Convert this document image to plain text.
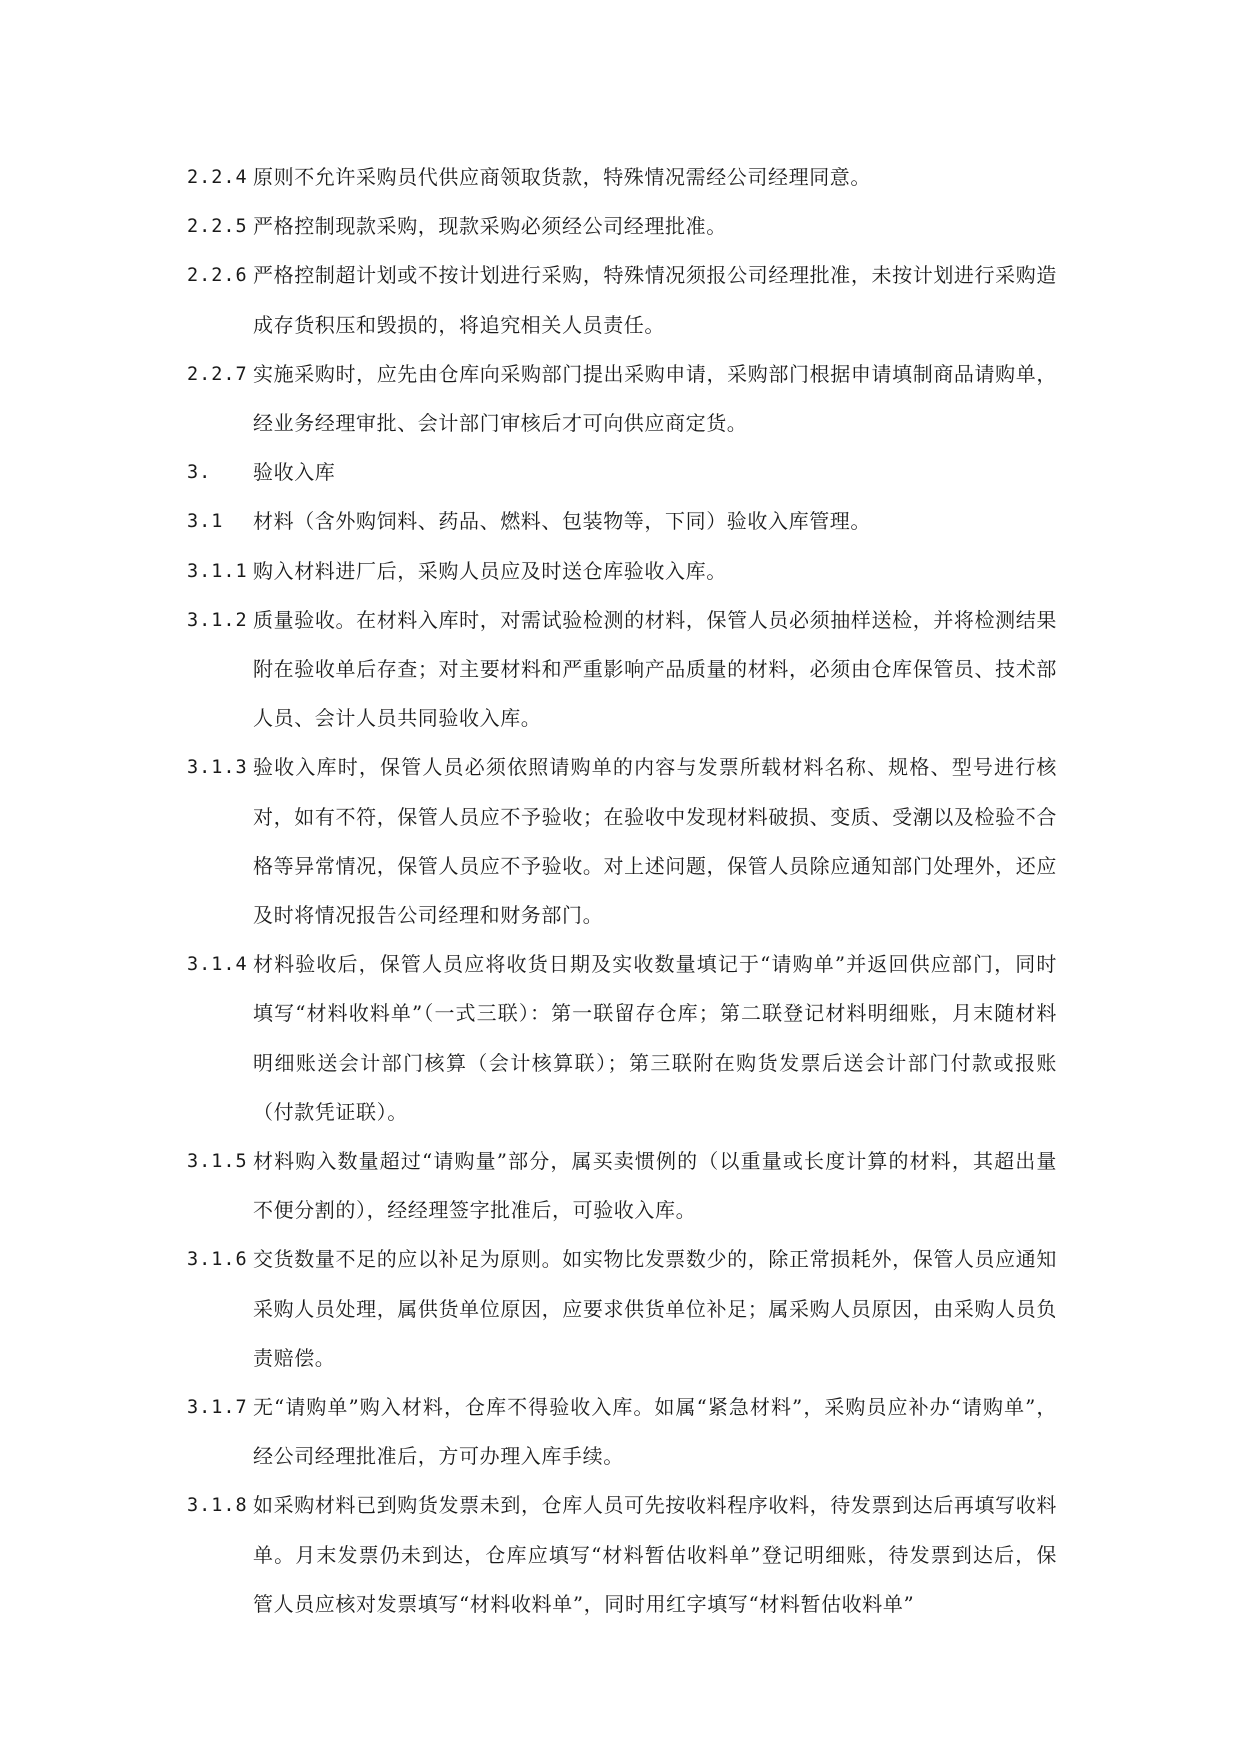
2.2.4 原则不允许采购员代供应商领取货款，特殊情况需经公司经理同意。
2.2.5 严格控制现款采购，现款采购必须经公司经理批准。
2.2.6 严格控制超计划或不按计划进行采购，特殊情况须报公司经理批准，未按计划进行采购造成存货积压和毁损的，将追究相关人员责任。
2.2.7 实施采购时，应先由仓库向采购部门提出采购申请，采购部门根据申请填制商品请购单，经业务经理审批、会计部门审核后才可向供应商定货。
3. 验收入库
3.1 材料（含外购饲料、药品、燃料、包装物等，下同）验收入库管理。
3.1.1 购入材料进厂后，采购人员应及时送仓库验收入库。
3.1.2 质量验收。在材料入库时，对需试验检测的材料，保管人员必须抽样送检，并将检测结果附在验收单后存查；对主要材料和严重影响产品质量的材料，必须由仓库保管员、技术部人员、会计人员共同验收入库。
3.1.3 验收入库时，保管人员必须依照请购单的内容与发票所载材料名称、规格、型号进行核对，如有不符，保管人员应不予验收；在验收中发现材料破损、变质、受潮以及检验不合格等异常情况，保管人员应不予验收。对上述问题，保管人员除应通知部门处理外，还应及时将情况报告公司经理和财务部门。
3.1.4 材料验收后，保管人员应将收货日期及实收数量填记于“请购单”并返回供应部门，同时填写“材料收料单”（一式三联）：第一联留存仓库；第二联登记材料明细账，月末随材料明细账送会计部门核算（会计核算联）；第三联附在购货发票后送会计部门付款或报账（付款凭证联）。
3.1.5 材料购入数量超过“请购量”部分，属买卖惯例的（以重量或长度计算的材料，其超出量不便分割的），经经理签字批准后，可验收入库。
3.1.6 交货数量不足的应以补足为原则。如实物比发票数少的，除正常损耗外，保管人员应通知采购人员处理，属供货单位原因，应要求供货单位补足；属采购人员原因，由采购人员负责赔偿。
3.1.7 无“请购单”购入材料，仓库不得验收入库。如属“紧急材料”，采购员应补办“请购单”，经公司经理批准后，方可办理入库手续。
3.1.8 如采购材料已到购货发票未到，仓库人员可先按收料程序收料，待发票到达后再填写收料单。月末发票仍未到达，仓库应填写“材料暂估收料单”登记明细账，待发票到达后，保管人员应核对发票填写“材料收料单”，同时用红字填写“材料暂估收料单”
